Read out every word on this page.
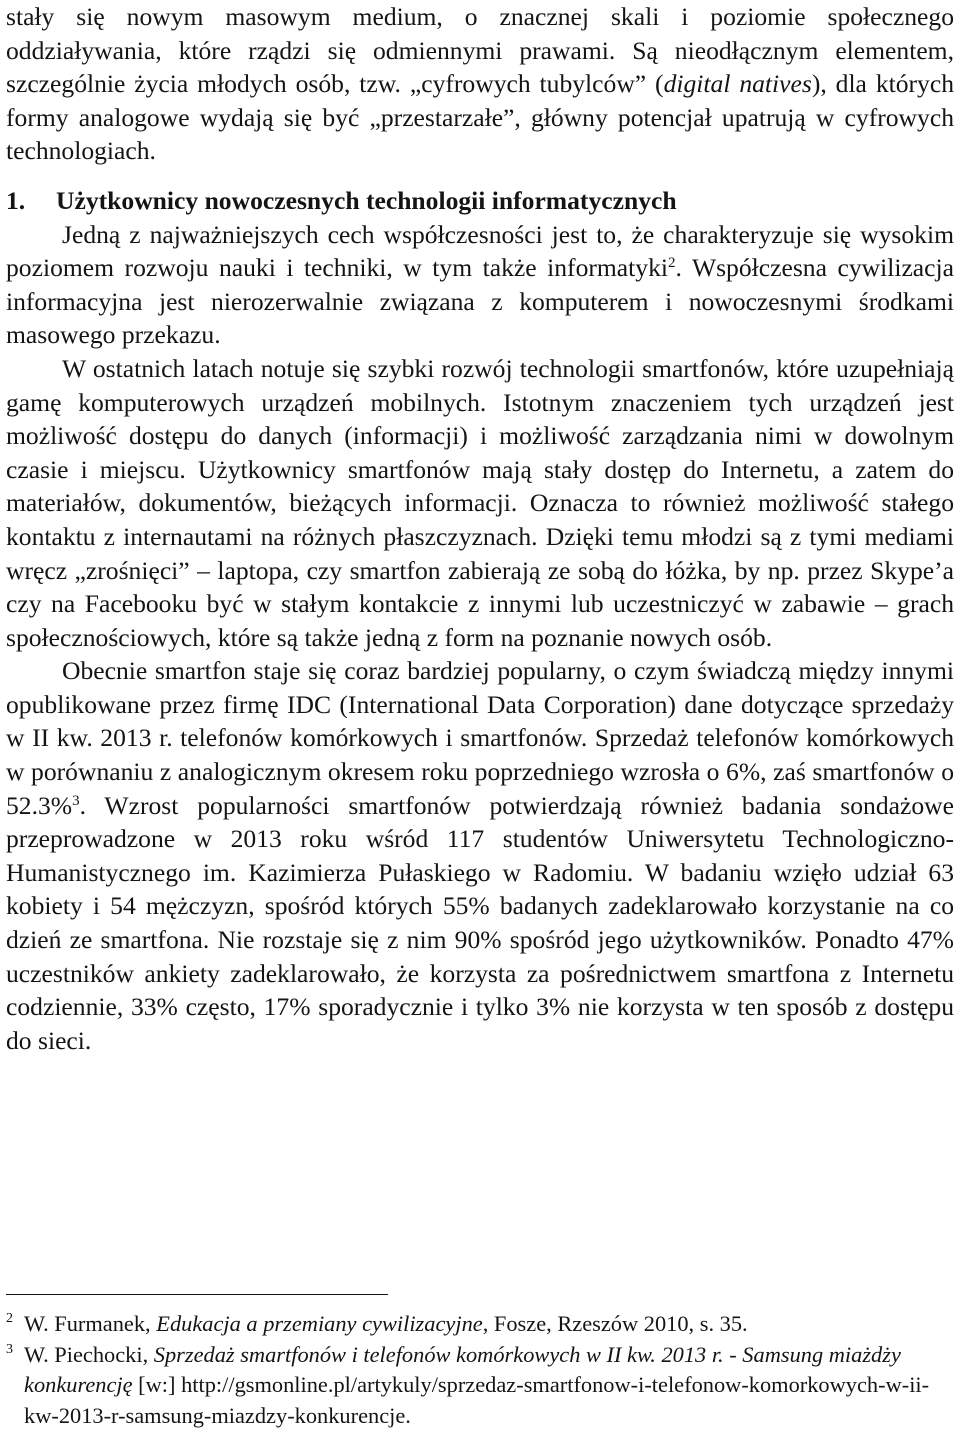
stały się nowym masowym medium, o znacznej skali i poziomie społecznego oddziaływania, które rządzi się odmiennymi prawami. Są nieodłącznym elementem, szczególnie życia młodych osób, tzw. „cyfrowych tubylców” (digital natives), dla których formy analogowe wydają się być „przestarzałe”, główny potencjał upatrują w cyfrowych technologiach.

1. Użytkownicy nowoczesnych technologii informatycznych

Jedną z najważniejszych cech współczesności jest to, że charakteryzuje się wysokim poziomem rozwoju nauki i techniki, w tym także informatyki$^2$. Współczesna cywilizacja informacyjna jest nierozerwalnie związana z komputerem i nowoczesnymi środkami masowego przekazu.

W ostatnich latach notuje się szybki rozwój technologii smartfonów, które uzupełniają gamę komputerowych urządzeń mobilnych. Istotnym znaczeniem tych urządzeń jest możliwość dostępu do danych (informacji) i możliwość zarządzania nimi w dowolnym czasie i miejscu. Użytkownicy smartfonów mają stały dostęp do Internetu, a zatem do materiałów, dokumentów, bieżących informacji. Oznacza to również możliwość stałego kontaktu z internautami na różnych płaszczyznach. Dzięki temu młodzi są z tymi mediami wręcz „zrośnięci” – laptopa, czy smartfon zabierają ze sobą do łóżka, by np. przez Skype’a czy na Facebooku być w stałym kontakcie z innymi lub uczestniczyć w zabawie – grach społecznościowych, które są także jedną z form na poznanie nowych osób.

Obecnie smartfon staje się coraz bardziej popularny, o czym świadczą między innymi opublikowane przez firmę IDC (International Data Corporation) dane dotyczące sprzedaży w II kw. 2013 r. telefonów komórkowych i smartfonów. Sprzedaż telefonów komórkowych w porównaniu z analogicznym okresem roku poprzedniego wzrosła o 6%, zaś smartfonów o 52.3%$^3$. Wzrost popularności smartfonów potwierdzają również badania sondażowe przeprowadzone w 2013 roku wśród 117 studentów Uniwersytetu Technologiczno-Humanistycznego im. Kazimierza Pułaskiego w Radomiu. W badaniu wzięło udział 63 kobiety i 54 mężczyzn, spośród których 55% badanych zadeklarowało korzystanie na co dzień ze smartfona. Nie rozstaje się z nim 90% spośród jego użytkowników. Ponadto 47% uczestników ankiety zadeklarowało, że korzysta za pośrednictwem smartfona z Internetu codziennie, 33% często, 17% sporadycznie i tylko 3% nie korzysta w ten sposób z dostępu do sieci.

$^2$ W. Furmanek, Edukacja a przemiany cywilizacyjne, Fosze, Rzeszów 2010, s. 35.

$^3$ W. Piechocki, Sprzedaż smartfonów i telefonów komórkowych w II kw. 2013 r. - Samsung miażdży konkurencję [w:] http://gsmonline.pl/artykuly/sprzedaz-smartfonow-i-telefonow-komorkowych-w-ii-kw-2013-r-samsung-miazdzy-konkurencje.
